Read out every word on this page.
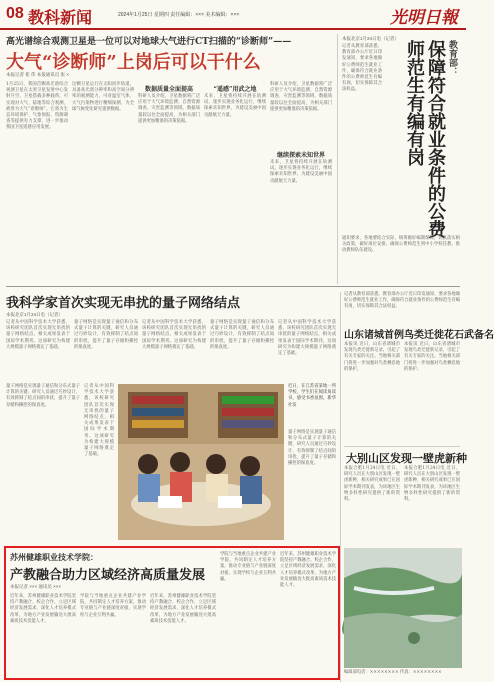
08 教科新闻	2024年1月25日 星期四 责任编辑：××× 美术编辑：×××	光明日報
高光谱综合观测卫星是一位可以对地球大气进行CT扫描的“诊断师”——
大气“诊断师”上岗后可以干什么
本报记者 崔 伟 本报通讯员 张 ×
1月25日，我国首颗高光谱综合观测卫星在太原卫星发射中心发射升空。卫星搭载多种载荷，可实现对大气、陆地等综合观测，被誉为大气“诊断师”。它将为生态环境保护、气象预报、资源调查等提供有力支撑，进一步推动我国卫星遥感应用发展。
这颗卫星运行在太阳同步轨道，具备高光谱分辨率和高空间分辨率的观测能力，可对温室气体、大气污染物进行精细探测，为全球气候变化研究提供数据。
数据质量全面提高
科研人员介绍，卫星数据将广泛应用于大气环境监测、自然资源调查、灾害监测等领域，数据质量较以往全面提高，为相关部门提供更加精准的决策依据。
“遥感”用武之地
未来，卫星将持续开展在轨测试，逐步实现业务化运行，继续探索未知世界，为建设美丽中国贡献航天力量。
继续探索未知世界
科研人员介绍，卫星数据将广泛应用于大气环境监测、自然资源调查、灾害监测等领域，数据质量较以往全面提高，为相关部门提供更加精准的决策依据。
未来，卫星将持续开展在轨测试，逐步实现业务化运行，继续探索未知世界，为建设美丽中国贡献航天力量。
本报北京1月24日电（记者）
记者从教育部获悉，教育部办公厅近日印发通知，要求各地做好公费师范生就业工作，确保符合就业条件的公费师范生有编有岗，切实保障其合法权益。
教育部：
保障符合就业条件的公费师范生有编有岗
通知要求，各地要结合实际，统筹做好编制保障，认真落实相关政策，做好岗位安排，确保公费师范生到中小学校任教，推动教师队伍建设。
我科学家首次实现无串扰的量子网络结点
本报北京1月24日电（记者）
记者从中国科学技术大学获悉，该校研究团队首次实现无串扰的量子网络结点，相关成果发表于国际学术期刊。这项研究为构建大规模量子网络奠定了基础。
量子网络是实现量子通信和分布式量子计算的关键，研究人员通过巧妙设计，有效抑制了结点间的串扰，提升了量子存储和操控的保真度。
记者从中国科学技术大学获悉，该校研究团队首次实现无串扰的量子网络结点，相关成果发表于国际学术期刊。这项研究为构建大规模量子网络奠定了基础。
量子网络是实现量子通信和分布式量子计算的关键，研究人员通过巧妙设计，有效抑制了结点间的串扰，提升了量子存储和操控的保真度。
记者从中国科学技术大学获悉，该校研究团队首次实现无串扰的量子网络结点，相关成果发表于国际学术期刊。这项研究为构建大规模量子网络奠定了基础。
量子网络是实现量子通信和分布式量子计算的关键，研究人员通过巧妙设计，有效抑制了结点间的串扰，提升了量子存储和操控的保真度。
记者从中国科学技术大学获悉，该校研究团队首次实现无串扰的量子网络结点，相关成果发表于国际学术期刊。这项研究为构建大规模量子网络奠定了基础。
近日，在江苏省某地一所学校，学生们在阅读角读书，感受书香氛围。新华社发
量子网络是实现量子通信和分布式量子计算的关键，研究人员通过巧妙设计，有效抑制了结点间的串扰，提升了量子存储和操控的保真度。
记者从教育部获悉，教育部办公厅近日印发通知，要求各地做好公费师范生就业工作，确保符合就业条件的公费师范生有编有岗，切实保障其合法权益。
山东诸城首例鸟类迁徙花石武备名
本报讯 近日，山东省诸城市发现鸟类迁徙新记录，引起了有关专家的关注。当地相关部门将进一步加强对鸟类栖息地的保护。
本报讯 近日，山东省诸城市发现鸟类迁徙新记录，引起了有关专家的关注。当地相关部门将进一步加强对鸟类栖息地的保护。
大别山区发现一壁虎新种
本报合肥1月24日电 近日，研究人员在大别山区发现一壁虎新种，相关研究成果已在国际学术期刊发表，为该地区生物多样性研究提供了新的资料。
本报合肥1月24日电 近日，研究人员在大别山区发现一壁虎新种，相关研究成果已在国际学术期刊发表，为该地区生物多样性研究提供了新的资料。
苏州健雄职业技术学院：
产教融合助力区域经济高质量发展
本报记者 ××× 通讯员 ×××
近年来，苏州健雄职业技术学院坚持产教融合、校企合作，立足区域经济发展需求，深化人才培养模式改革，为地方产业发展输送大批高素质技术技能人才。
学院与当地重点企业共建产业学院，共同制定人才培养方案，推动专业链与产业链深度对接，实现学校与企业互利共赢。
近年来，苏州健雄职业技术学院坚持产教融合、校企合作，立足区域经济发展需求，深化人才培养模式改革，为地方产业发展输送大批高素质技术技能人才。
学院与当地重点企业共建产业学院，共同制定人才培养方案，推动专业链与产业链深度对接，实现学校与企业互利共赢。
近年来，苏州健雄职业技术学院坚持产教融合、校企合作，立足区域经济发展需求，深化人才培养模式改革，为地方产业发展输送大批高素质技术技能人才。
编辑部电话：×××××××× 传真：××××××××
